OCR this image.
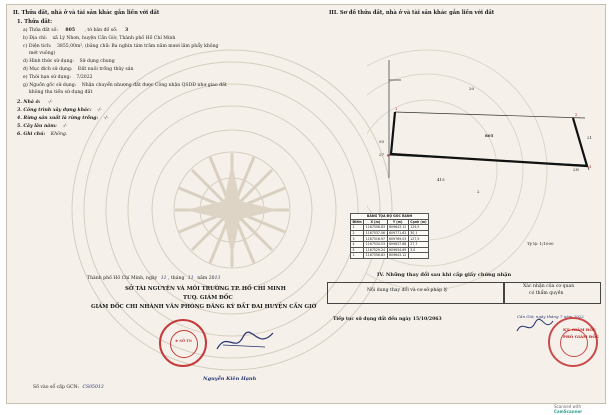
II. Thửa đất, nhà ở và tài sản khác gắn liền với đất
1. Thửa đất:
a) Thửa đất số: 805 , tờ bản đồ số: 3
b) Địa chỉ: xã Lý Nhơn, huyện Cần Giờ, Thành phố Hồ Chí Minh
c) Diện tích: 3855,00m², (bằng chữ: Ba nghìn tám trăm năm mươi lăm phẩy không
mét vuông)
d) Hình thức sử dụng: Sử dụng chung
đ) Mục đích sử dụng: Đất nuôi trồng thủy sản
e) Thời hạn sử dụng: 7/2022
g) Nguồn gốc sử dụng: Nhận chuyển nhượng đất được Công nhận QSDĐ như giao đất
không thu tiền sử dụng đất
2. Nhà ở: -/-
3. Công trình xây dựng khác: -/-
4. Rừng sản xuất là rừng trồng: -/-
5. Cây lâu năm: -/-
6. Ghi chú: Không.
Thành phố Hồ Chí Minh, ngày 11 , tháng 11 năm 2013
SỞ TÀI NGUYÊN VÀ MÔI TRƯỜNG TP. HỒ CHÍ MINH
TUQ. GIÁM ĐỐC
GIÁM ĐỐC CHI NHÁNH VĂN PHÒNG ĐĂNG KÝ ĐẤT ĐAI HUYỆN CẦN GIỜ
★ SỞ TN
Nguyễn Kiên Hạnh
Số vào sổ cấp GCN: CS05013
III. Sơ đồ thửa đất, nhà ở và tài sản khác gắn liền với đất
1
4
3
2
805	21
20
415
93
27
2N
2
BẢNG TỌA ĐỘ GÓC RANH			
Điểm	X (m)	Y (m)	Cạnh (m)
1	1167556.83	609643.12	129,5
2	1167537.06	609771.62	30,1
3	1167516.97	609769.03	127,5
4	1167534.53	609637.88	27,7
5	1167529.24	609634.69	3,0
1	1167556.83	609643.12	
Tỷ lệ: 1/1000
IV. Những thay đổi sau khi cấp giấy chứng nhận
Nội dung thay đổi và cơ sở pháp lý
Xác nhận của cơ quan
có thẩm quyền
Tiếp tục sử dụng đất đến ngày 15/10/2063
Cần Giờ, ngày tháng 7 năm 2022
KT. GIÁM ĐỐC
PHÓ GIÁM ĐỐC
Scanned with CamScanner
